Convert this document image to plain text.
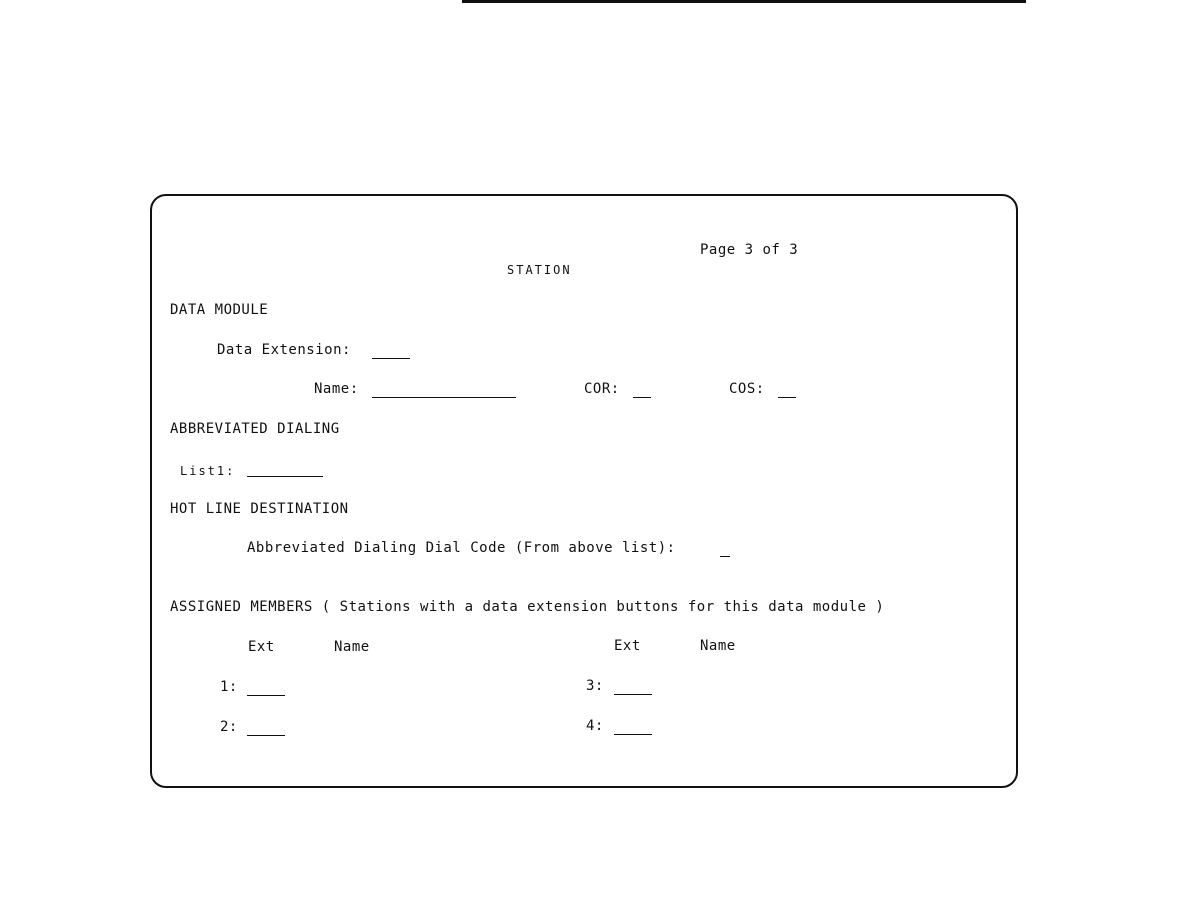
Page 3 of 3
STATION
DATA MODULE
Data Extension:
Name:	COR:	COS:
ABBREVIATED DIALING
List1:
HOT LINE DESTINATION
Abbreviated Dialing Dial Code (From above list):
ASSIGNED MEMBERS ( Stations with a data extension buttons for this data module )
Ext	Name	Ext	Name
1:
2:
3:
4:
